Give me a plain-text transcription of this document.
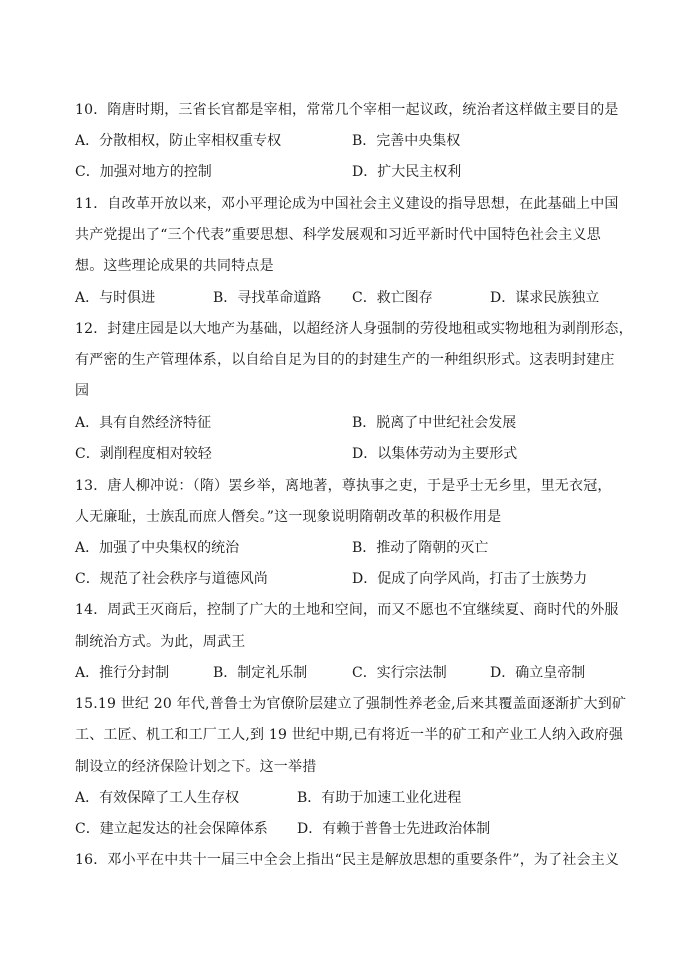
10．隋唐时期，三省长官都是宰相，常常几个宰相一起议政，统治者这样做主要目的是
A．分散相权，防止宰相权重专权	B．完善中央集权
C．加强对地方的控制	D．扩大民主权利
11．自改革开放以来，邓小平理论成为中国社会主义建设的指导思想，在此基础上中国
共产党提出了“三个代表”重要思想、科学发展观和习近平新时代中国特色社会主义思
想。这些理论成果的共同特点是
A．与时俱进	B．寻找革命道路 C．救亡图存	D．谋求民族独立
12．封建庄园是以大地产为基础，以超经济人身强制的劳役地租或实物地租为剥削形态，
有严密的生产管理体系，以自给自足为目的的封建生产的一种组织形式。这表明封建庄
园
A．具有自然经济特征	B．脱离了中世纪社会发展
C．剥削程度相对较轻	D．以集体劳动为主要形式
13．唐人柳冲说：（隋）罢乡举，离地著，尊执事之吏，于是乎士无乡里，里无衣冠，
人无廉耻，士族乱而庶人僭矣。”这一现象说明隋朝改革的积极作用是
A．加强了中央集权的统治	B．推动了隋朝的灭亡
C．规范了社会秩序与道德风尚	D．促成了向学风尚，打击了士族势力
14．周武王灭商后，控制了广大的土地和空间，而又不愿也不宜继续夏、商时代的外服
制统治方式。为此，周武王
A．推行分封制	B．制定礼乐制	C．实行宗法制	D．确立皇帝制
15.19 世纪 20 年代,普鲁士为官僚阶层建立了强制性养老金,后来其覆盖面逐渐扩大到矿
工、工匠、机工和工厂工人,到 19 世纪中期,已有将近一半的矿工和产业工人纳入政府强
制设立的经济保险计划之下。这一举措
A．有效保障了工人生存权	B．有助于加速工业化进程
C．建立起发达的社会保障体系 D．有赖于普鲁士先进政治体制
16．邓小平在中共十一届三中全会上指出“民主是解放思想的重要条件”，为了社会主义
